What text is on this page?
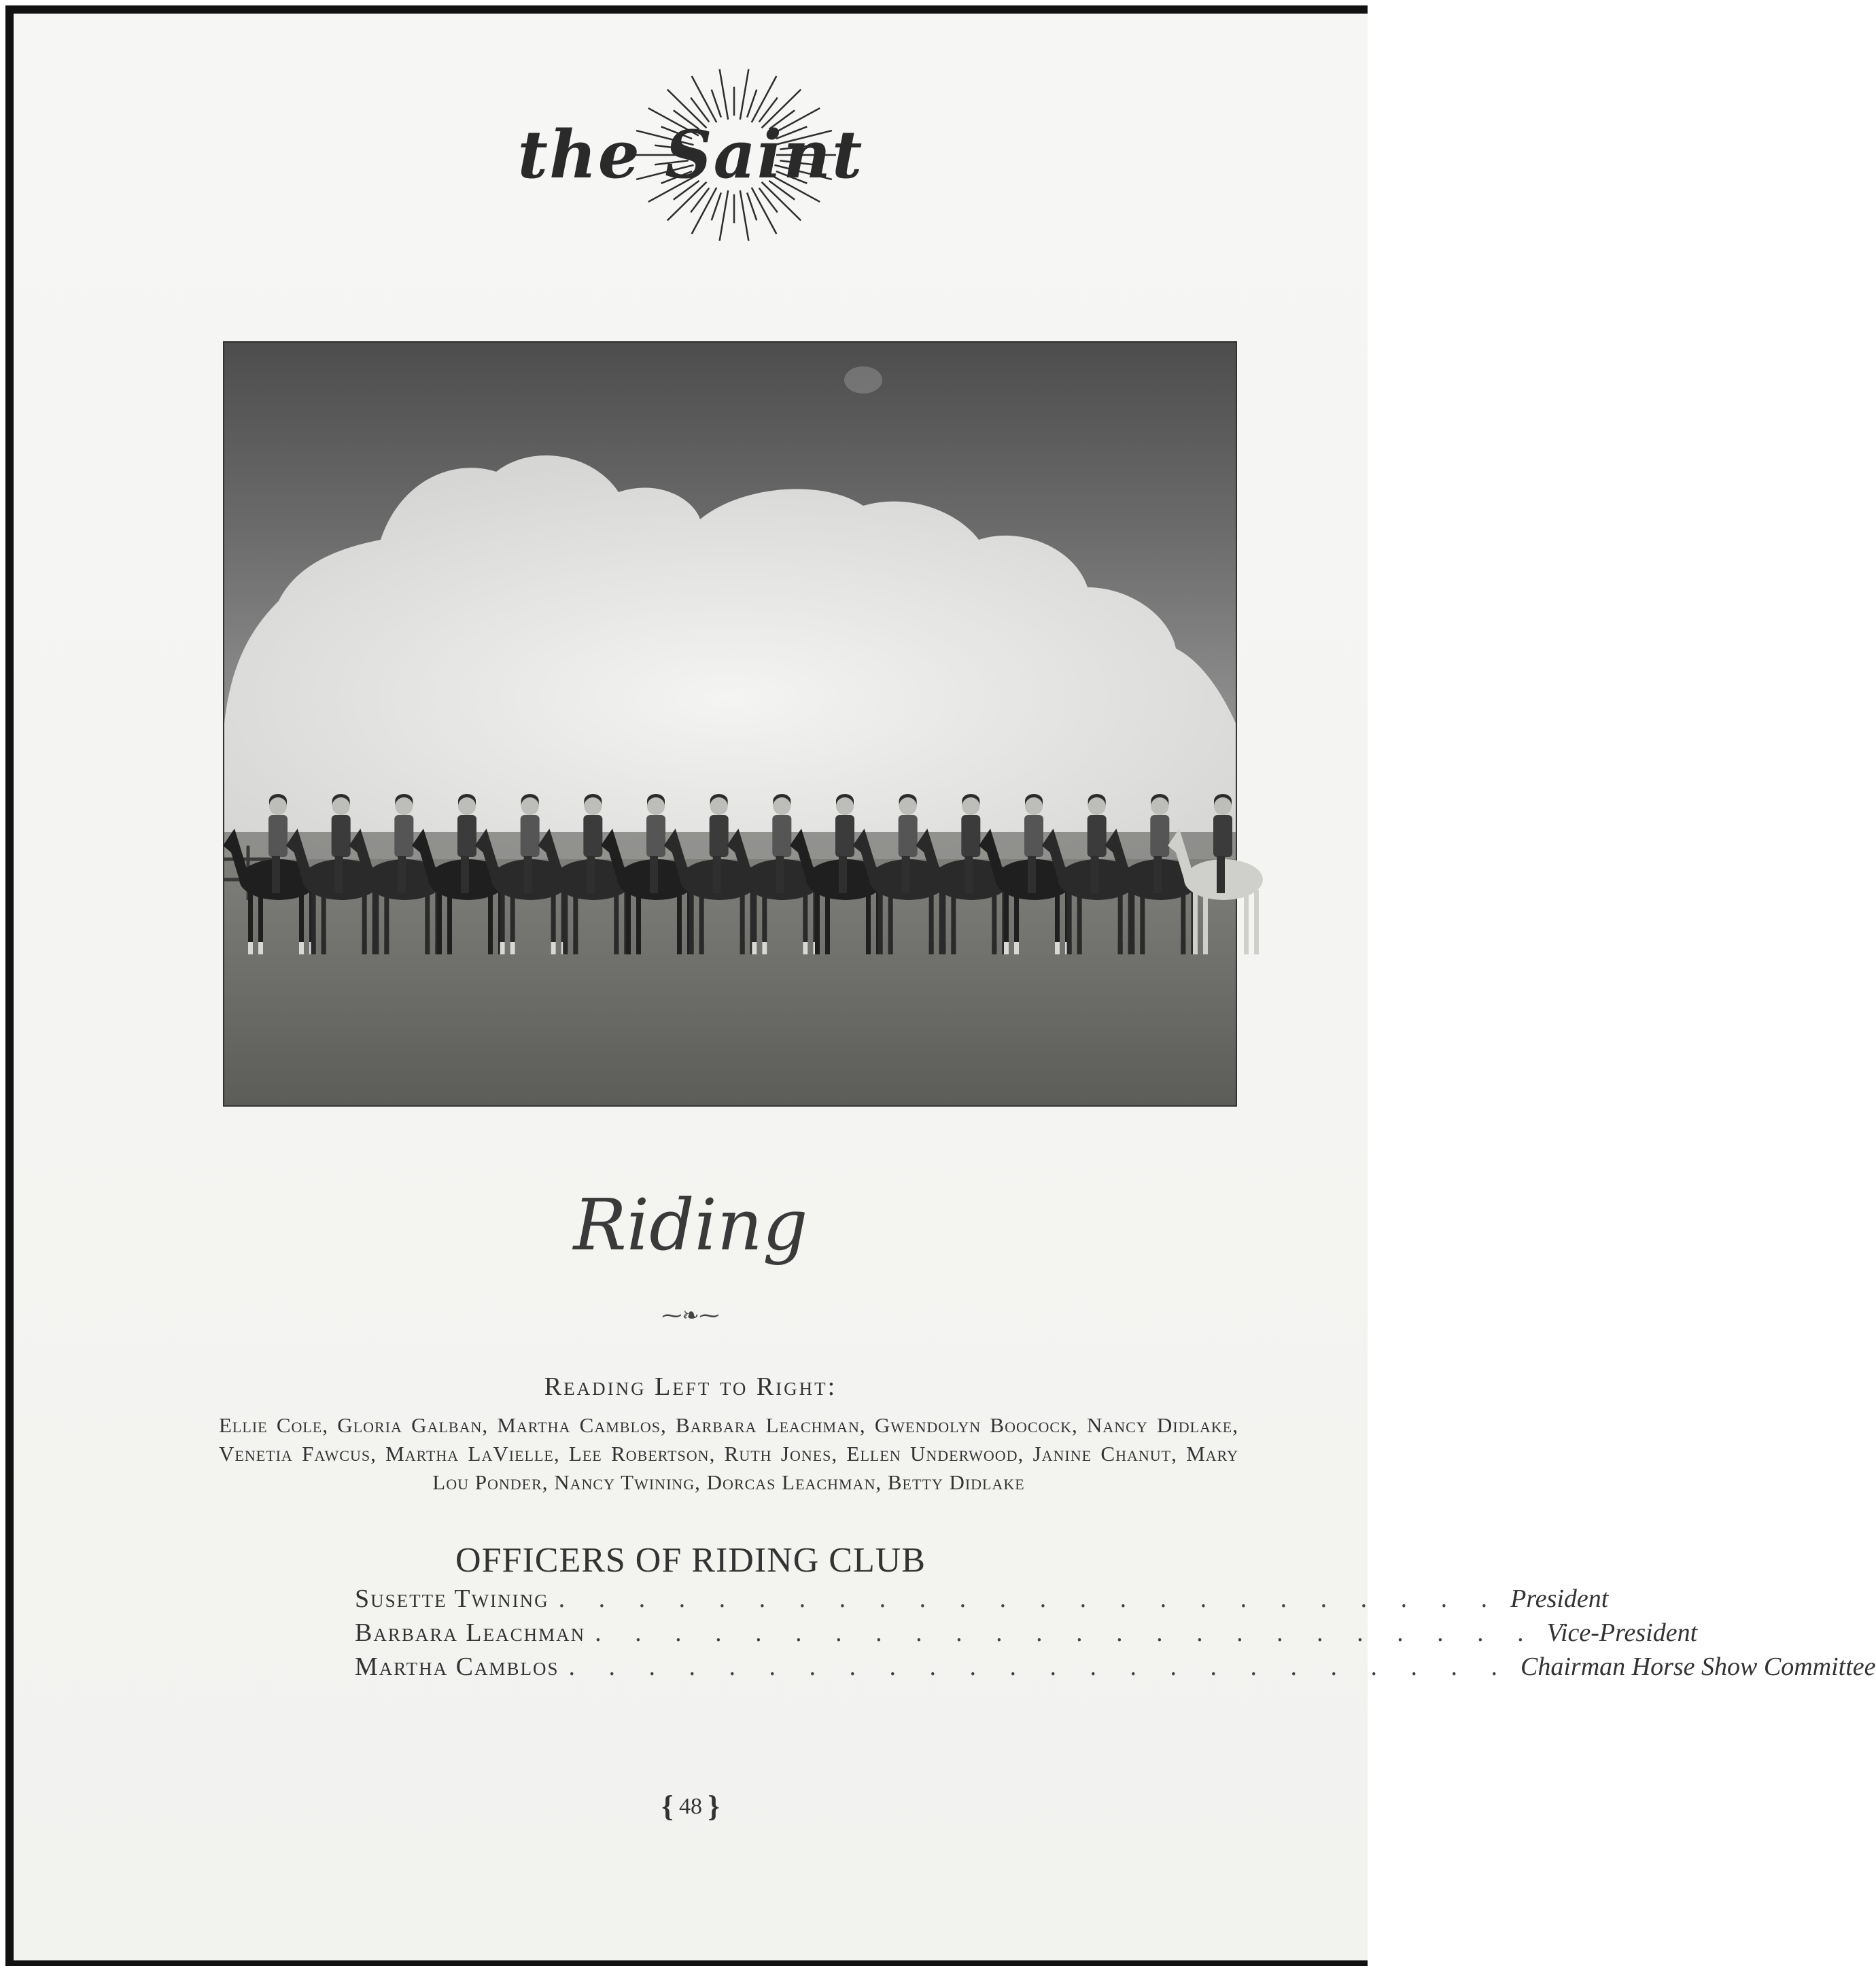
the Saint
Riding
⁓❧⁓
Reading Left to Right:
Ellie Cole, Gloria Galban, Martha Camblos, Barbara Leachman, Gwendolyn Boocock, Nancy Didlake, Venetia Fawcus, Martha LaVielle, Lee Robertson, Ruth Jones, Ellen Underwood, Janine Chanut, Mary Lou Ponder, Nancy Twining, Dorcas Leachman, Betty Didlake
OFFICERS OF RIDING CLUB
Susette Twining . . . . . . . . . . . . . . . . . . . . . . . . President
Barbara Leachman . . . . . . . . . . . . . . . . . . . . . . . . Vice-President
Martha Camblos . . . . . . . . . . . . . . . . . . . . . . . . Chairman Horse Show Committee
{ 48 }
